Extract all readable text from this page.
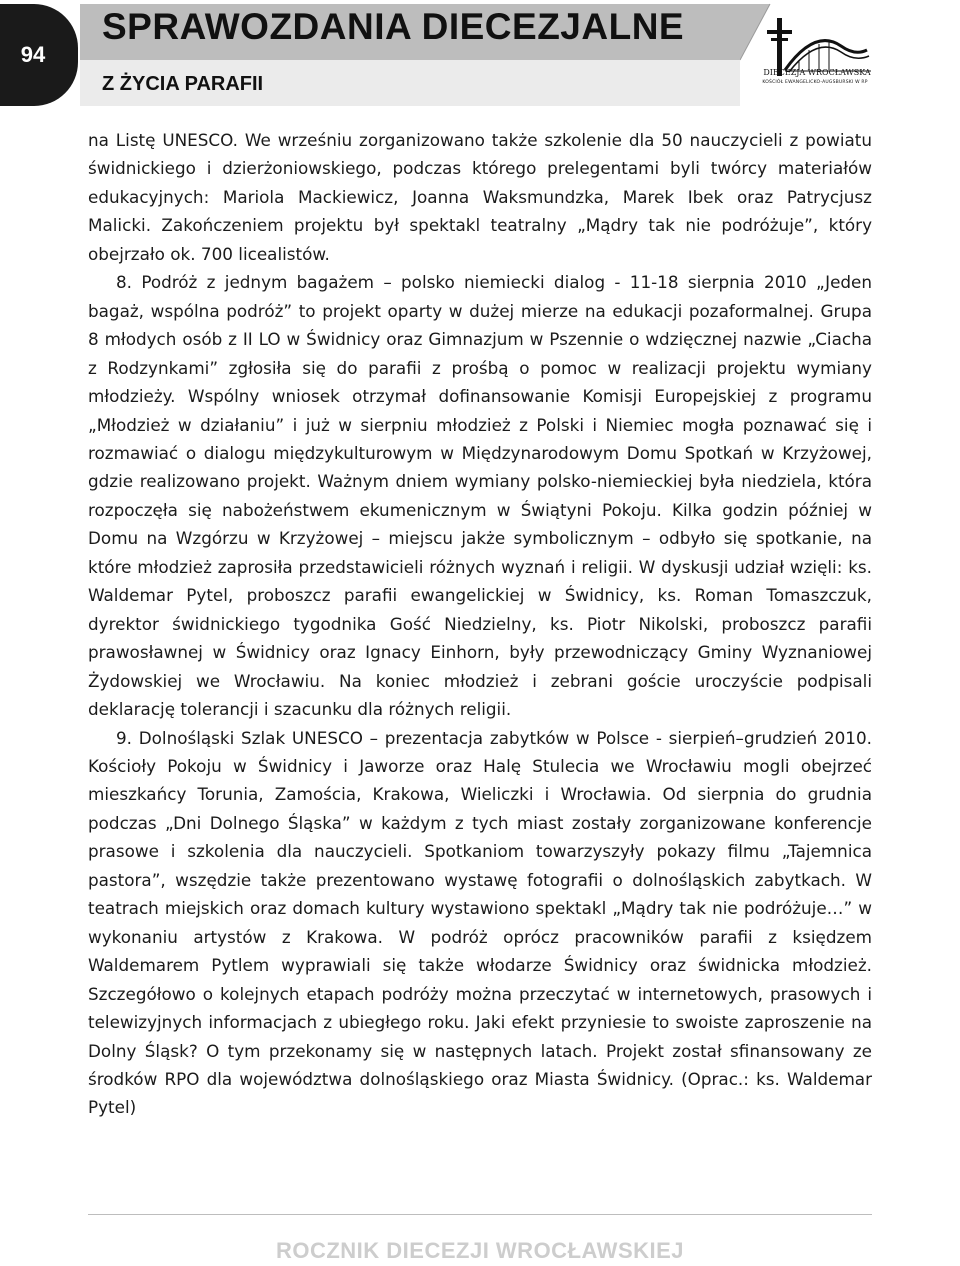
94
SPRAWOZDANIA DIECEZJALNE
Z ŻYCIA PARAFII
DIECEZJA WROCŁAWSKA
KOŚCIÓŁ EWANGELICKO-AUGSBURSKI W RP

na Listę UNESCO. We wrześniu zorganizowano także szkolenie dla 50 nauczycieli z powiatu świdnickiego i dzierżoniowskiego, podczas którego prelegentami byli twórcy materiałów edukacyjnych: Mariola Mackiewicz, Joanna Waksmundzka, Marek Ibek oraz Patrycjusz Malicki. Zakończeniem projektu był spektakl teatralny „Mądry tak nie podróżuje”, który obejrzało ok. 700 licealistów.

8. Podróż z jednym bagażem – polsko niemiecki dialog - 11-18 sierpnia 2010 „Jeden bagaż, wspólna podróż” to projekt oparty w dużej mierze na edukacji pozaformalnej. Grupa 8 młodych osób z II LO w Świdnicy oraz Gimnazjum w Pszennie o wdzięcznej nazwie „Ciacha z Rodzynkami” zgłosiła się do parafii z prośbą o pomoc w realizacji projektu wymiany młodzieży. Wspólny wniosek otrzymał dofinansowanie Komisji Europejskiej z programu „Młodzież w działaniu” i już w sierpniu młodzież z Polski i Niemiec mogła poznawać się i rozmawiać o dialogu międzykulturowym w Międzynarodowym Domu Spotkań w Krzyżowej, gdzie realizowano projekt. Ważnym dniem wymiany polsko-niemieckiej była niedziela, która rozpoczęła się nabożeństwem ekumenicznym w Świątyni Pokoju. Kilka godzin później w Domu na Wzgórzu w Krzyżowej – miejscu jakże symbolicznym – odbyło się spotkanie, na które młodzież zaprosiła przedstawicieli różnych wyznań i religii. W dyskusji udział wzięli: ks. Waldemar Pytel, proboszcz parafii ewangelickiej w Świdnicy, ks. Roman Tomaszczuk, dyrektor świdnickiego tygodnika Gość Niedzielny, ks. Piotr Nikolski, proboszcz parafii prawosławnej w Świdnicy oraz Ignacy Einhorn, były przewodniczący Gminy Wyznaniowej Żydowskiej we Wrocławiu. Na koniec młodzież i zebrani goście uroczyście podpisali deklarację tolerancji i szacunku dla różnych religii.

9. Dolnośląski Szlak UNESCO – prezentacja zabytków w Polsce - sierpień–grudzień 2010. Kościoły Pokoju w Świdnicy i Jaworze oraz Halę Stulecia we Wrocławiu mogli obejrzeć mieszkańcy Torunia, Zamościa, Krakowa, Wieliczki i Wrocławia. Od sierpnia do grudnia podczas „Dni Dolnego Śląska” w każdym z tych miast zostały zorganizowane konferencje prasowe i szkolenia dla nauczycieli. Spotkaniom towarzyszyły pokazy filmu „Tajemnica pastora”, wszędzie także prezentowano wystawę fotografii o dolnośląskich zabytkach. W teatrach miejskich oraz domach kultury wystawiono spektakl „Mądry tak nie podróżuje…” w wykonaniu artystów z Krakowa. W podróż oprócz pracowników parafii z księdzem Waldemarem Pytlem wyprawiali się także włodarze Świdnicy oraz świdnicka młodzież. Szczegółowo o kolejnych etapach podróży można przeczytać w internetowych, prasowych i telewizyjnych informacjach z ubiegłego roku. Jaki efekt przyniesie to swoiste zaproszenie na Dolny Śląsk? O tym przekonamy się w następnych latach. Projekt został sfinansowany ze środków RPO dla województwa dolnośląskiego oraz Miasta Świdnicy. (Oprac.: ks. Waldemar Pytel)

ROCZNIK DIECEZJI WROCŁAWSKIEJ
